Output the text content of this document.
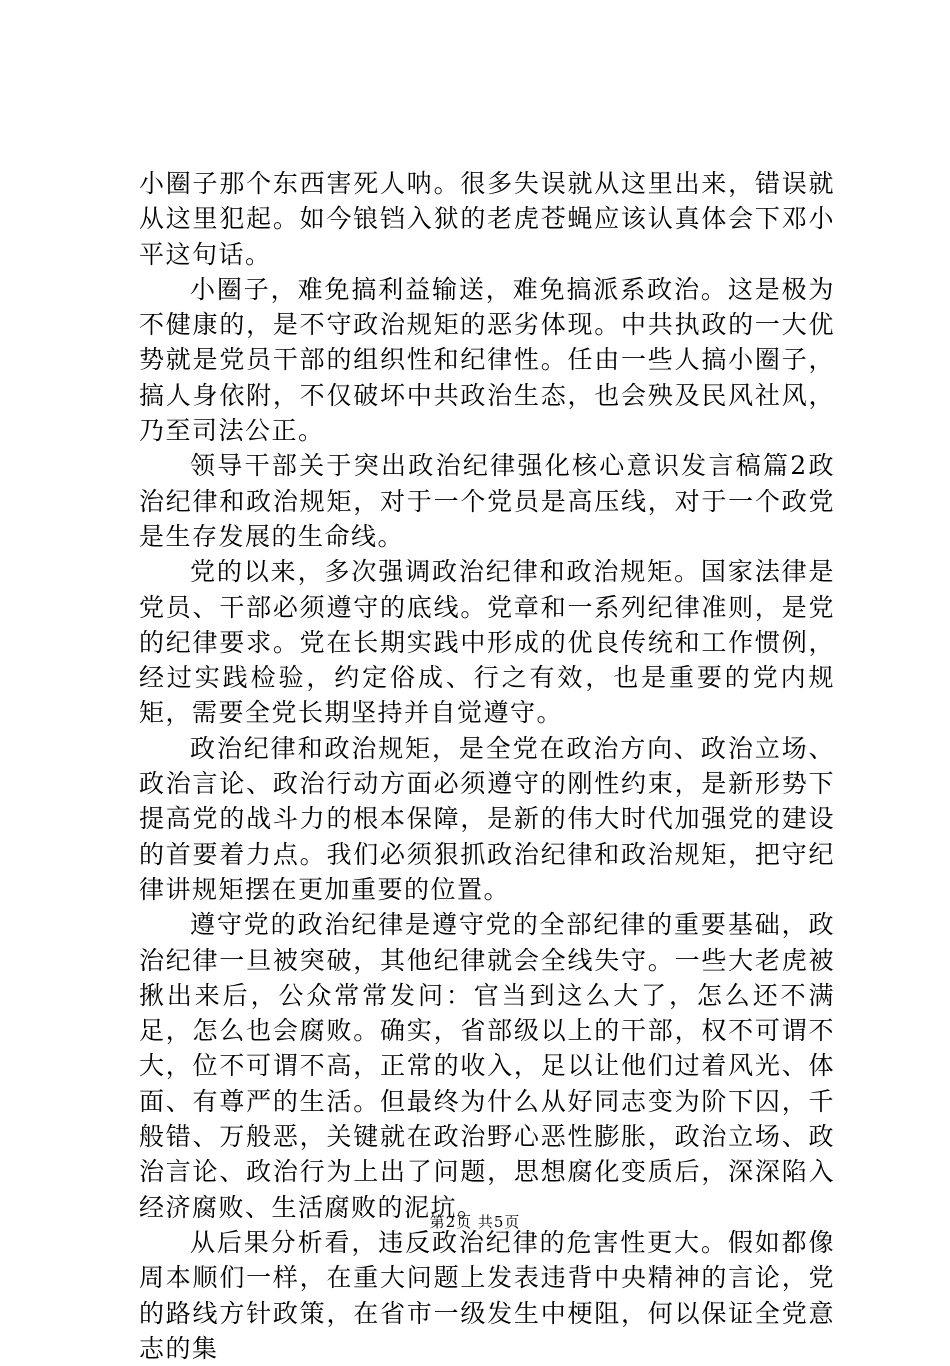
小圈子那个东西害死人呐。很多失误就从这里出来，错误就从这里犯起。如今锒铛入狱的老虎苍蝇应该认真体会下邓小平这句话。

小圈子，难免搞利益输送，难免搞派系政治。这是极为不健康的，是不守政治规矩的恶劣体现。中共执政的一大优势就是党员干部的组织性和纪律性。任由一些人搞小圈子，搞人身依附，不仅破坏中共政治生态，也会殃及民风社风，乃至司法公正。

领导干部关于突出政治纪律强化核心意识发言稿篇2政治纪律和政治规矩，对于一个党员是高压线，对于一个政党是生存发展的生命线。

党的以来，多次强调政治纪律和政治规矩。国家法律是党员、干部必须遵守的底线。党章和一系列纪律准则，是党的纪律要求。党在长期实践中形成的优良传统和工作惯例，经过实践检验，约定俗成、行之有效，也是重要的党内规矩，需要全党长期坚持并自觉遵守。

政治纪律和政治规矩，是全党在政治方向、政治立场、政治言论、政治行动方面必须遵守的刚性约束，是新形势下提高党的战斗力的根本保障，是新的伟大时代加强党的建设的首要着力点。我们必须狠抓政治纪律和政治规矩，把守纪律讲规矩摆在更加重要的位置。

遵守党的政治纪律是遵守党的全部纪律的重要基础，政治纪律一旦被突破，其他纪律就会全线失守。一些大老虎被揪出来后，公众常常发问：官当到这么大了，怎么还不满足，怎么也会腐败。确实，省部级以上的干部，权不可谓不大，位不可谓不高，正常的收入，足以让他们过着风光、体面、有尊严的生活。但最终为什么从好同志变为阶下囚，千般错、万般恶，关键就在政治野心恶性膨胀，政治立场、政治言论、政治行为上出了问题，思想腐化变质后，深深陷入经济腐败、生活腐败的泥坑。

从后果分析看，违反政治纪律的危害性更大。假如都像周本顺们一样，在重大问题上发表违背中央精神的言论，党的路线方针政策，在省市一级发生中梗阻，何以保证全党意志的集

第2页 共5页
